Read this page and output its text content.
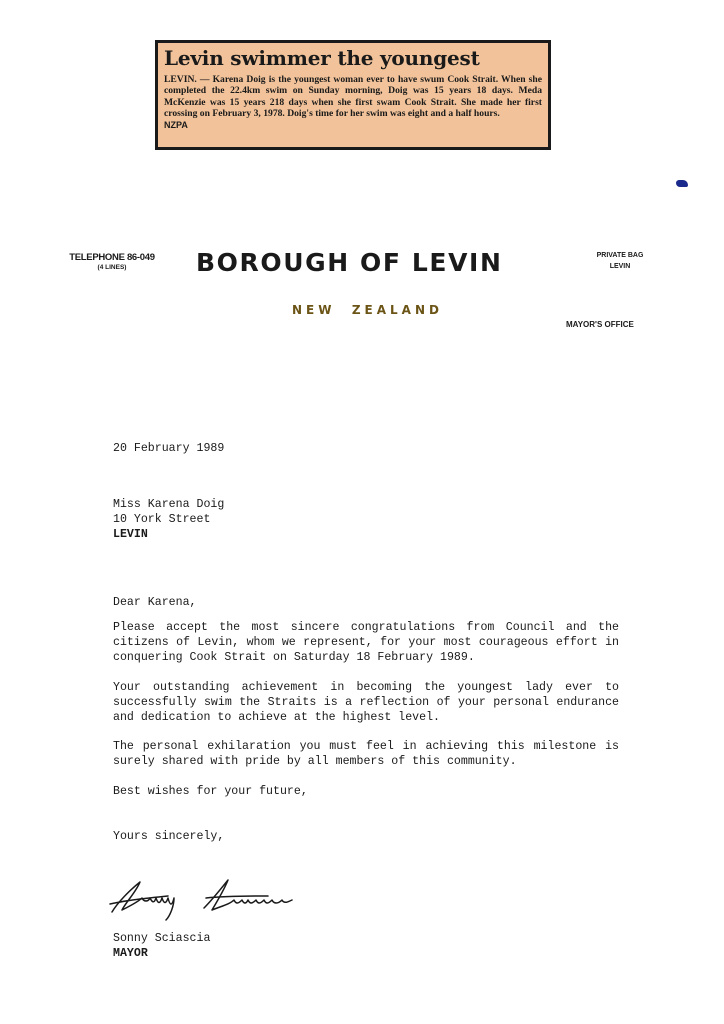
Levin swimmer the youngest
LEVIN. — Karena Doig is the youngest woman ever to have swum Cook Strait. When she completed the 22.4km swim on Sunday morning, Doig was 15 years 18 days. Meda McKenzie was 15 years 218 days when she first swam Cook Strait. She made her first crossing on February 3, 1978. Doig's time for her swim was eight and a half hours.
NZPA
TELEPHONE 86-049
(4 LINES)	BOROUGH OF LEVIN	PRIVATE BAG
LEVIN
NEW  ZEALAND
MAYOR'S OFFICE
20 February 1989
Miss Karena Doig
10 York Street
LEVIN
Dear Karena,
Please accept the most sincere congratulations from Council and the citizens of Levin, whom we represent, for your most courageous effort in conquering Cook Strait on Saturday 18 February 1989.
Your outstanding achievement in becoming the youngest lady ever to successfully swim the Straits is a reflection of your personal endurance and dedication to achieve at the highest level.
The personal exhilaration you must feel in achieving this milestone is surely shared with pride by all members of this community.
Best wishes for your future,
Yours sincerely,
Sonny Sciascia
MAYOR
